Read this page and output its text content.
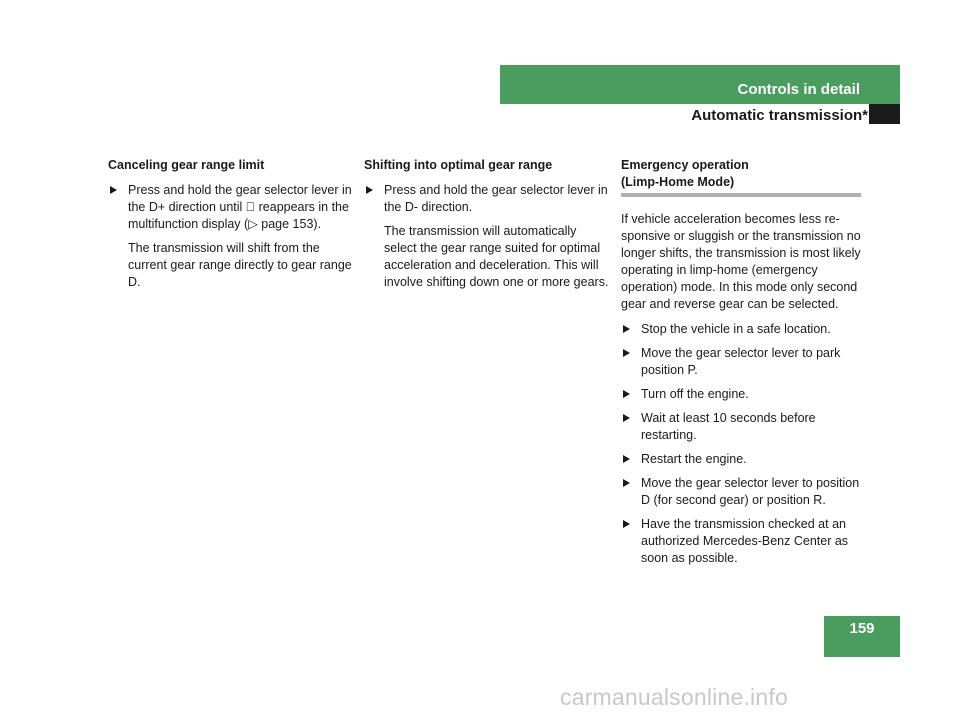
Controls in detail
Automatic transmission*
Canceling gear range limit
Press and hold the gear selector lever in the D+ direction until   reappears in the multifunction display (▷ page 153).
The transmission will shift from the current gear range directly to gear range D.
Shifting into optimal gear range
Press and hold the gear selector lever in the D- direction.
The transmission will automatically select the gear range suited for optimal acceleration and deceleration. This will involve shifting down one or more gears.
Emergency operation
(Limp-Home Mode)
If vehicle acceleration becomes less re-sponsive or sluggish or the transmission no longer shifts, the transmission is most likely operating in limp-home (emergency operation) mode. In this mode only second gear and reverse gear can be selected.
Stop the vehicle in a safe location.
Move the gear selector lever to park position P.
Turn off the engine.
Wait at least 10 seconds before restarting.
Restart the engine.
Move the gear selector lever to position D (for second gear) or position R.
Have the transmission checked at an authorized Mercedes-Benz Center as soon as possible.
159
carmanualsonline.info
